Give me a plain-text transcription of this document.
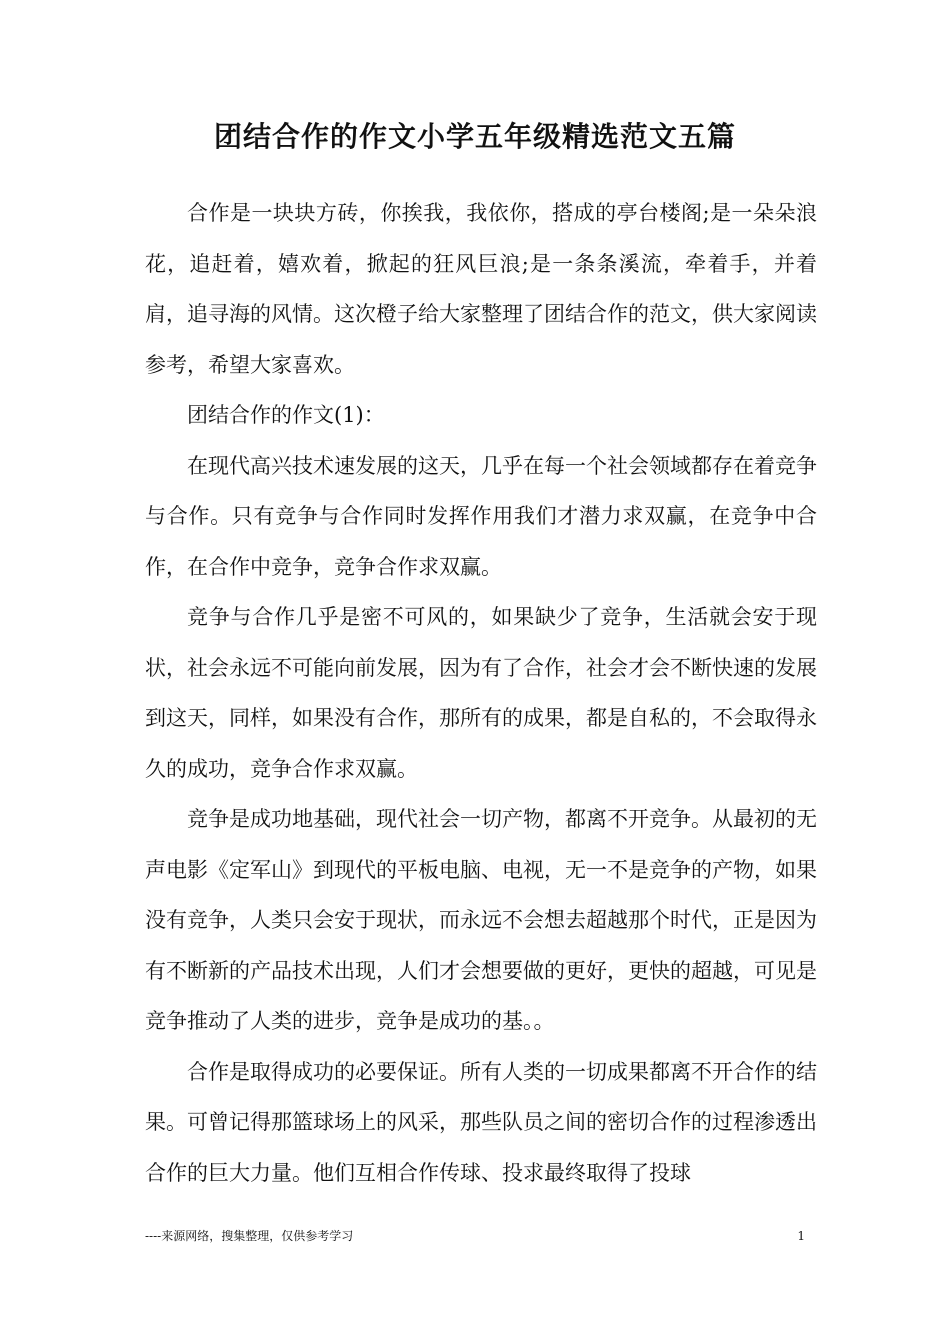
团结合作的作文小学五年级精选范文五篇

合作是一块块方砖，你挨我，我依你，搭成的亭台楼阁;是一朵朵浪花，追赶着，嬉欢着，掀起的狂风巨浪;是一条条溪流，牵着手，并着肩，追寻海的风情。这次橙子给大家整理了团结合作的范文，供大家阅读参考，希望大家喜欢。

团结合作的作文(1)：

在现代高兴技术速发展的这天，几乎在每一个社会领域都存在着竞争与合作。只有竞争与合作同时发挥作用我们才潜力求双赢，在竞争中合作，在合作中竞争，竞争合作求双赢。

竞争与合作几乎是密不可风的，如果缺少了竞争，生活就会安于现状，社会永远不可能向前发展，因为有了合作，社会才会不断快速的发展到这天，同样，如果没有合作，那所有的成果，都是自私的，不会取得永久的成功，竞争合作求双赢。

竞争是成功地基础，现代社会一切产物，都离不开竞争。从最初的无声电影《定军山》到现代的平板电脑、电视，无一不是竞争的产物，如果没有竞争，人类只会安于现状，而永远不会想去超越那个时代，正是因为有不断新的产品技术出现，人们才会想要做的更好，更快的超越，可见是竞争推动了人类的进步，竞争是成功的基。。

合作是取得成功的必要保证。所有人类的一切成果都离不开合作的结果。可曾记得那篮球场上的风采，那些队员之间的密切合作的过程渗透出合作的巨大力量。他们互相合作传球、投求最终取得了投球

----来源网络，搜集整理，仅供参考学习	1
